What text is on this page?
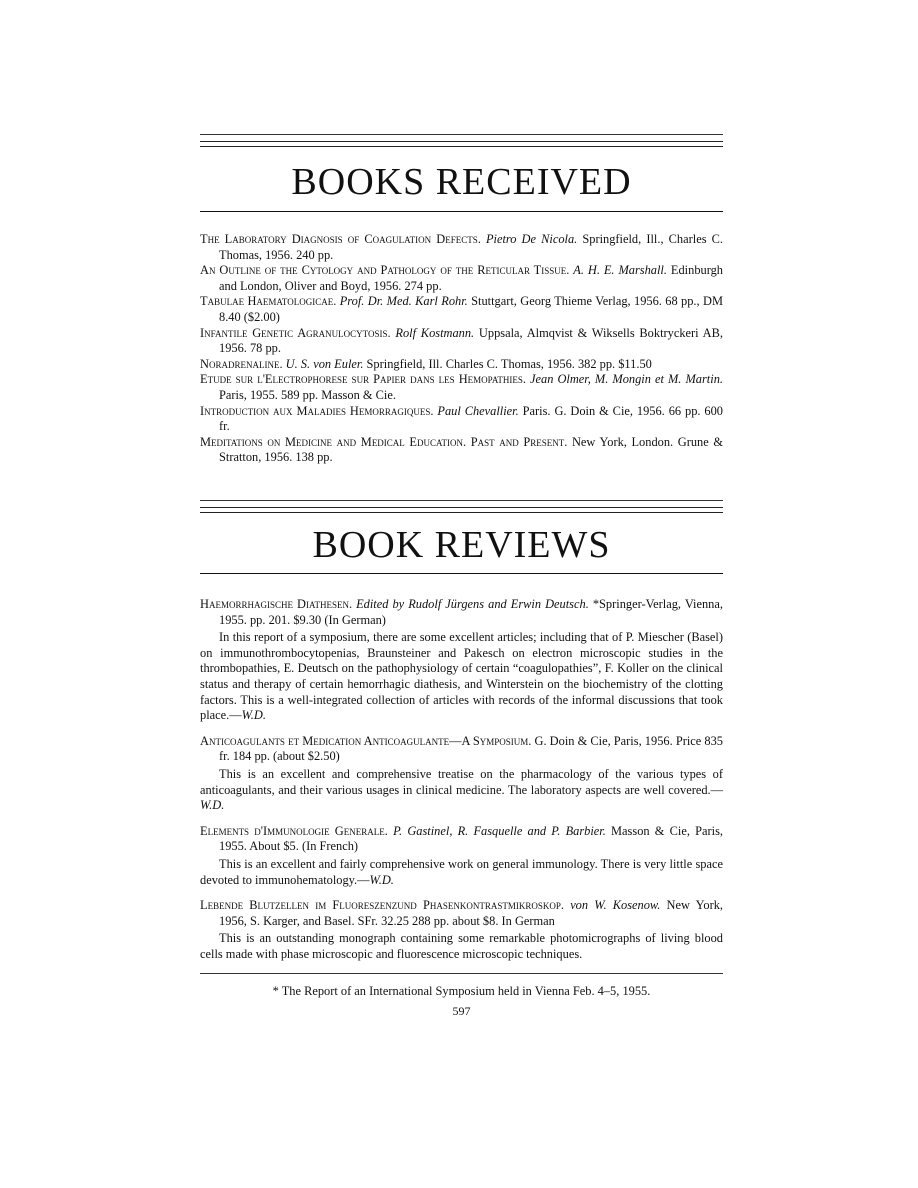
BOOKS RECEIVED

The Laboratory Diagnosis of Coagulation Defects. Pietro De Nicola. Springfield, Ill., Charles C. Thomas, 1956. 240 pp.

An Outline of the Cytology and Pathology of the Reticular Tissue. A. H. E. Marshall. Edinburgh and London, Oliver and Boyd, 1956. 274 pp.

Tabulae Haematologicae. Prof. Dr. Med. Karl Rohr. Stuttgart, Georg Thieme Verlag, 1956. 68 pp., DM 8.40 ($2.00)

Infantile Genetic Agranulocytosis. Rolf Kostmann. Uppsala, Almqvist & Wiksells Boktryckeri AB, 1956. 78 pp.

Noradrenaline. U. S. von Euler. Springfield, Ill. Charles C. Thomas, 1956. 382 pp. $11.50

Etude sur l'Electrophorese sur Papier dans les Hemopathies. Jean Olmer, M. Mongin et M. Martin. Paris, 1955. 589 pp. Masson & Cie.

Introduction aux Maladies Hemorragiques. Paul Chevallier. Paris. G. Doin & Cie, 1956. 66 pp. 600 fr.

Meditations on Medicine and Medical Education. Past and Present. New York, London. Grune & Stratton, 1956. 138 pp.

BOOK REVIEWS

Haemorrhagische Diathesen. Edited by Rudolf Jürgens and Erwin Deutsch. *Springer-Verlag, Vienna, 1955. pp. 201. $9.30 (In German)

In this report of a symposium, there are some excellent articles; including that of P. Miescher (Basel) on immunothrombocytopenias, Braunsteiner and Pakesch on electron microscopic studies in the thrombopathies, E. Deutsch on the pathophysiology of certain “coagulopathies”, F. Koller on the clinical status and therapy of certain hemorrhagic diathesis, and Winterstein on the biochemistry of the clotting factors. This is a well-integrated collection of articles with records of the informal discussions that took place.—W.D.

Anticoagulants et Medication Anticoagulante—A Symposium. G. Doin & Cie, Paris, 1956. Price 835 fr. 184 pp. (about $2.50)

This is an excellent and comprehensive treatise on the pharmacology of the various types of anticoagulants, and their various usages in clinical medicine. The laboratory aspects are well covered.—W.D.

Elements d'Immunologie Generale. P. Gastinel, R. Fasquelle and P. Barbier. Masson & Cie, Paris, 1955. About $5. (In French)

This is an excellent and fairly comprehensive work on general immunology. There is very little space devoted to immunohematology.—W.D.

Lebende Blutzellen im Fluoreszenzund Phasenkontrastmikroskop. von W. Kosenow. New York, 1956, S. Karger, and Basel. SFr. 32.25 288 pp. about $8. In German

This is an outstanding monograph containing some remarkable photomicrographs of living blood cells made with phase microscopic and fluorescence microscopic techniques.

* The Report of an International Symposium held in Vienna Feb. 4–5, 1955.
597
